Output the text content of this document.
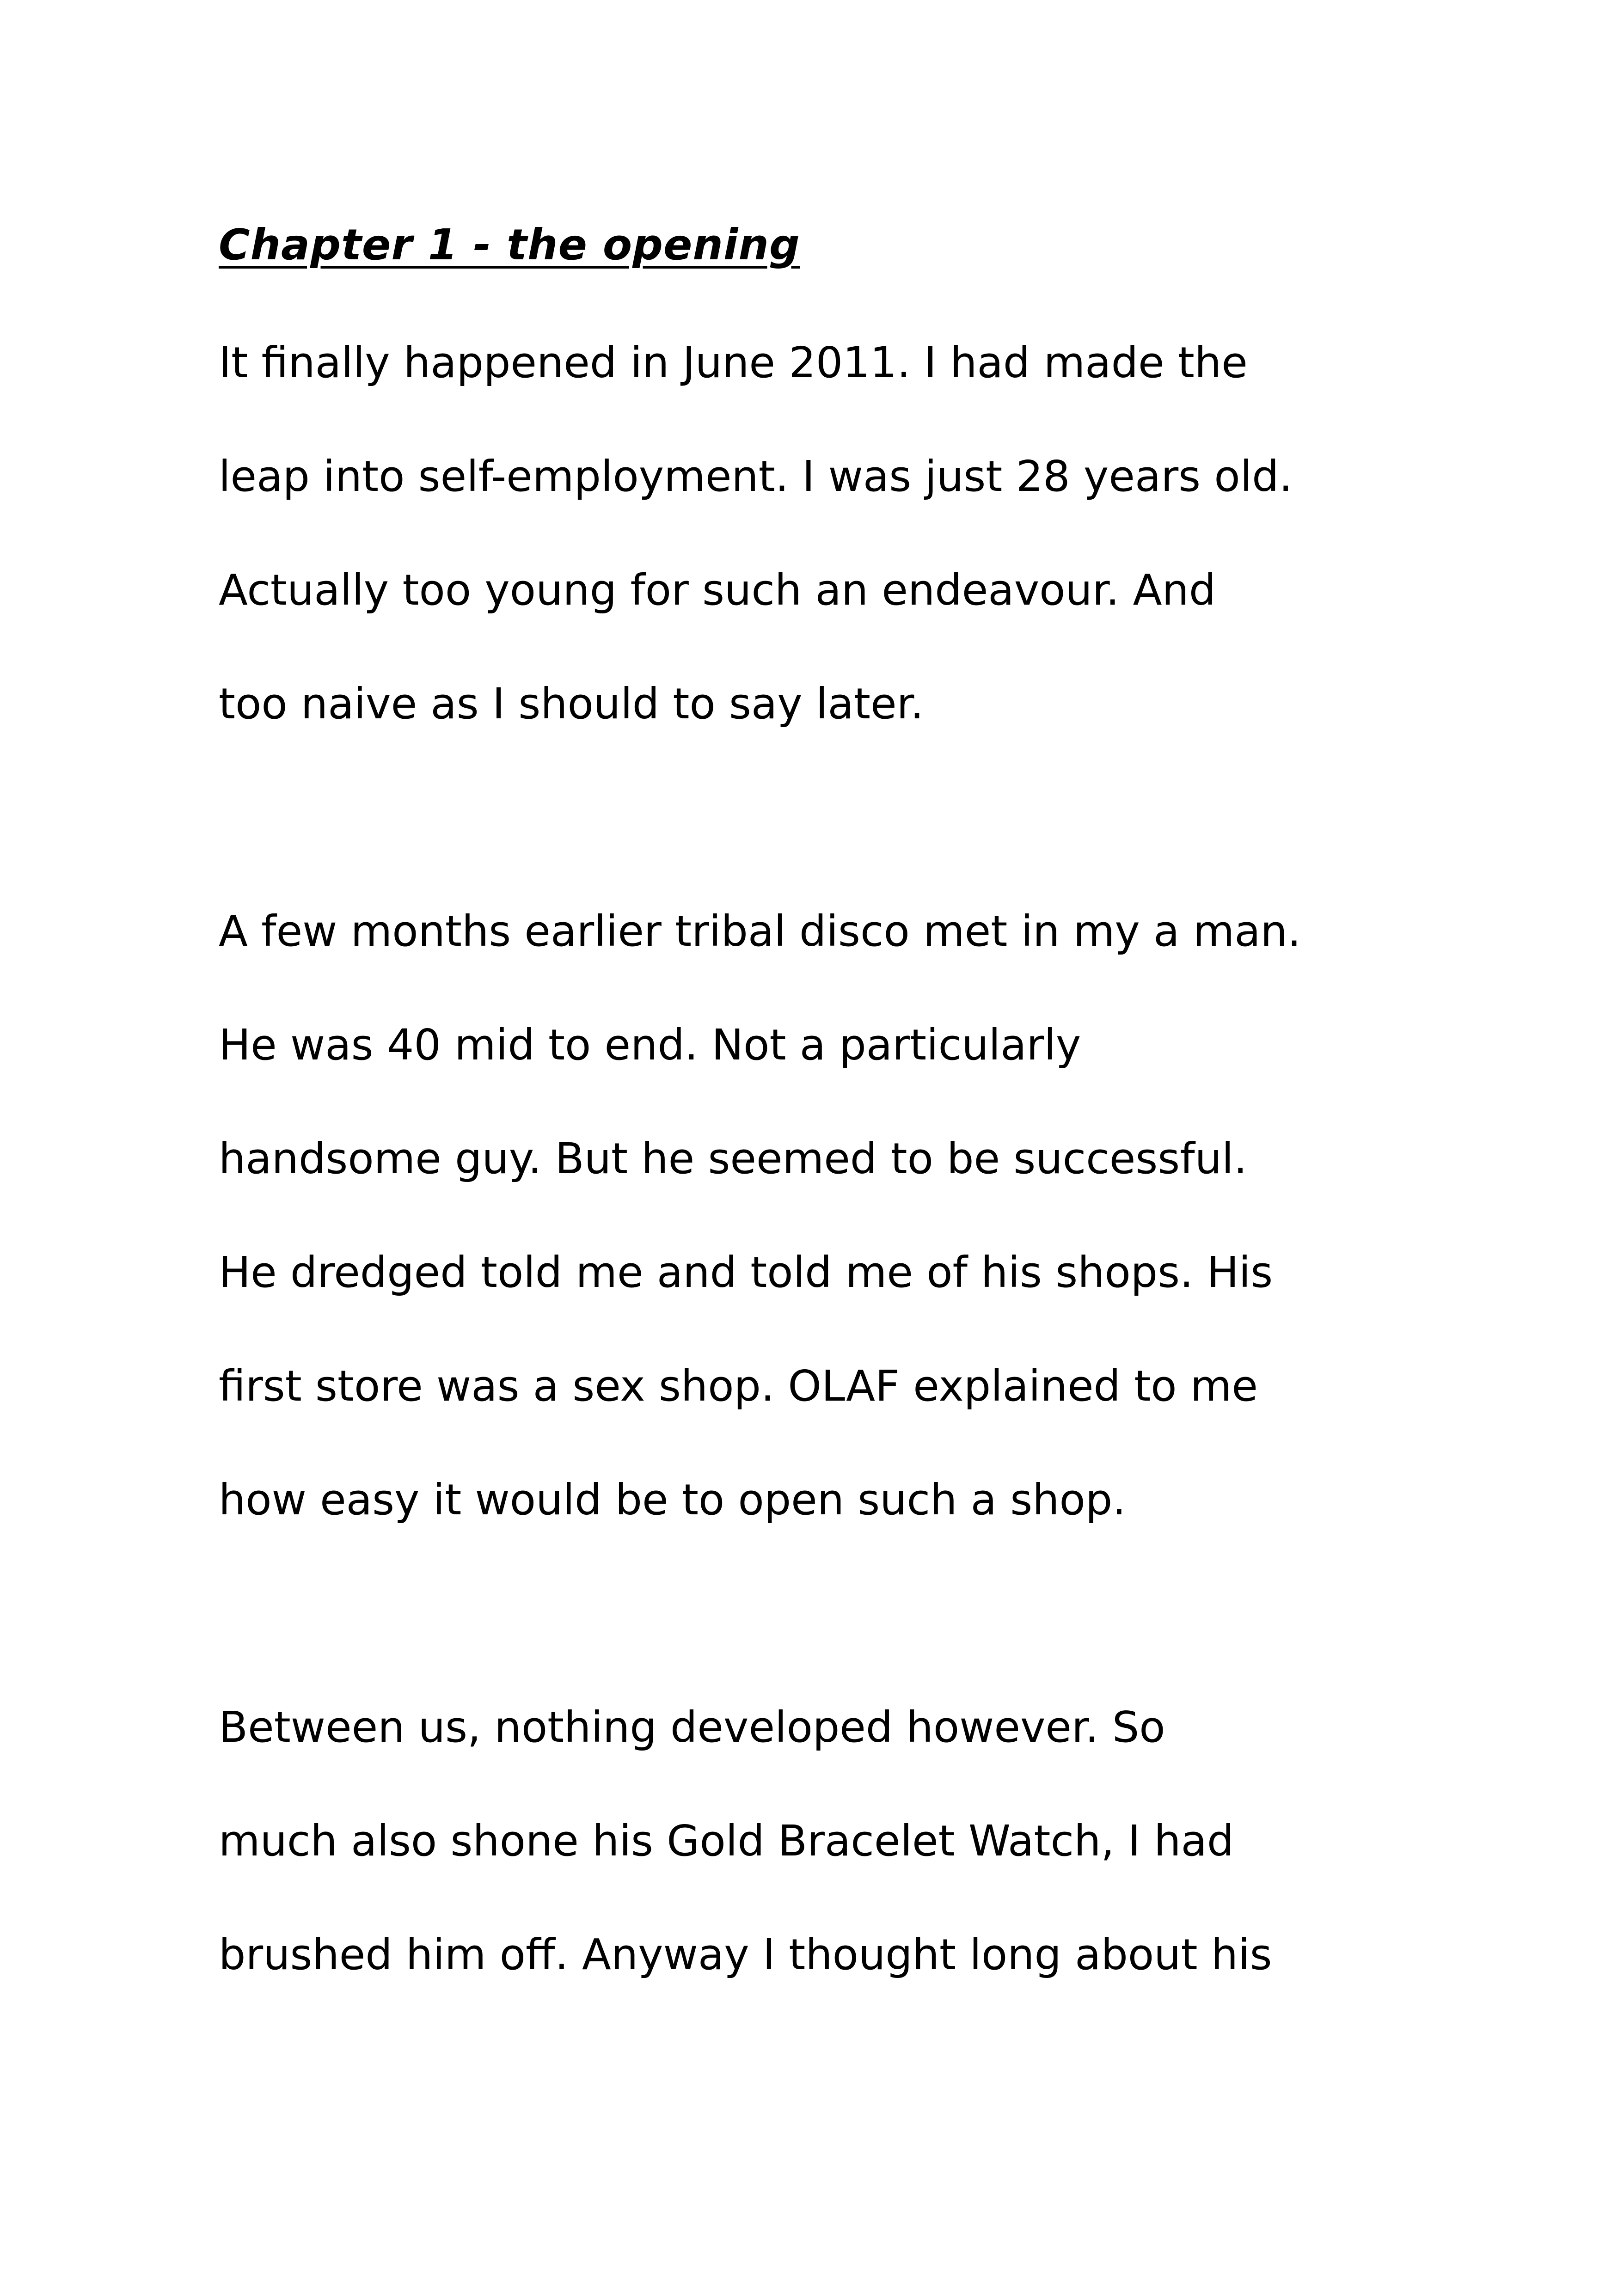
Chapter 1 - the opening
It finally happened in June 2011. I had made the
leap into self-employment. I was just 28 years old.
Actually too young for such an endeavour. And
too naive as I should to say later.
A few months earlier tribal disco met in my a man.
He was 40 mid to end. Not a particularly
handsome guy. But he seemed to be successful.
He dredged told me and told me of his shops. His
first store was a sex shop. OLAF explained to me
how easy it would be to open such a shop.
Between us, nothing developed however. So
much also shone his Gold Bracelet Watch, I had
brushed him off. Anyway I thought long about his
